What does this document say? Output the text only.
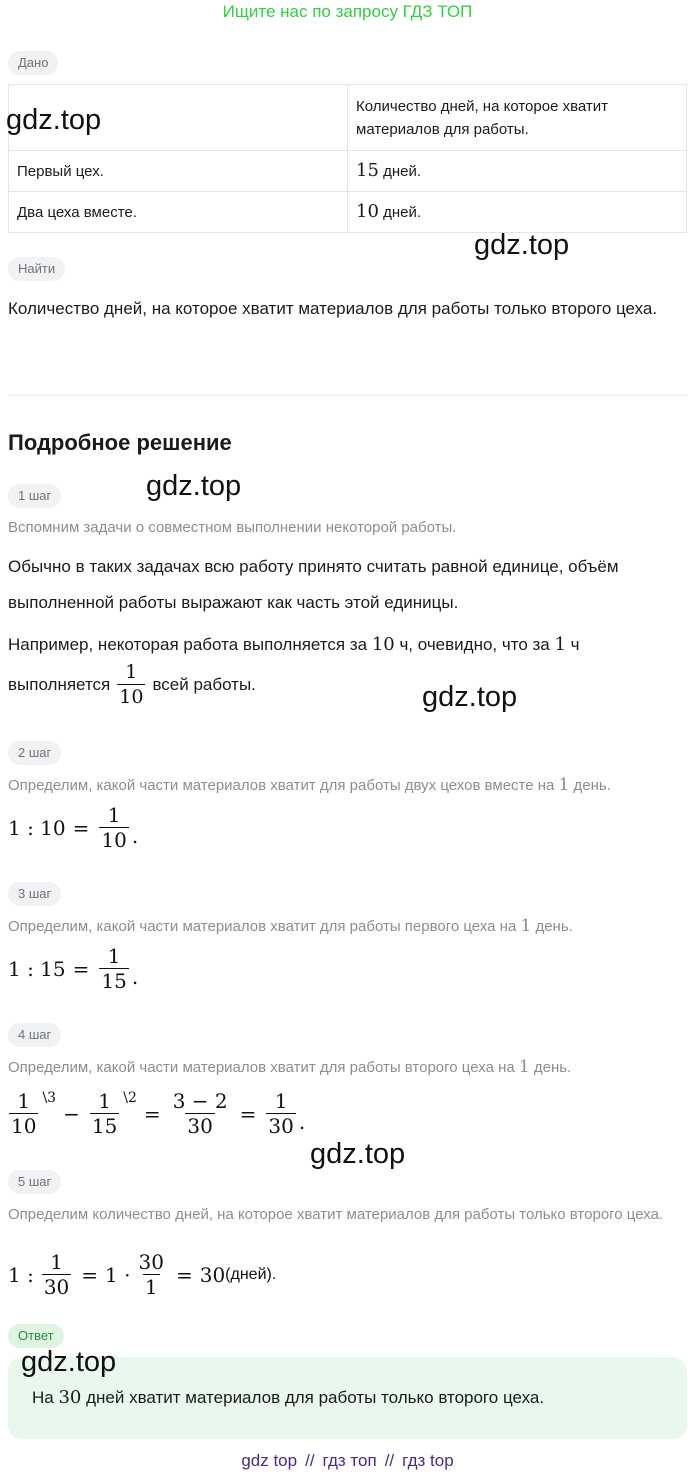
Ищите нас по запросу ГДЗ ТОП
Дано
	Количество дней, на которое хватит материалов для работы.
Первый цех.	15 дней.
Два цеха вместе.	10 дней.
Найти
Количество дней, на которое хватит материалов для работы только второго цеха.
Подробное решение
1 шаг
Вспомним задачи о совместном выполнении некоторой работы.
Обычно в таких задачах всю работу принято считать равной единице, объём выполненной работы выражают как часть этой единицы.
Например, некоторая работа выполняется за 10 ч, очевидно, что за 1 ч
выполняется $\frac{1}{10}$ всей работы.
2 шаг
Определим, какой части материалов хватит для работы двух цехов вместе на 1 день.
1 : $10 = \frac{1}{10}$ .
3 шаг
Определим, какой части материалов хватит для работы первого цеха на 1 день.
1 : $15 = \frac{1}{15}$ .
4 шаг
Определим, какой части материалов хватит для работы второго цеха на 1 день.
$\frac{1}{10}$ \3
− $\frac{1}{15}$ \2
= $\frac{3 - 2}{30} = \frac{1}{30}$ .
5 шаг
Определим количество дней, на которое хватит материалов для работы только второго цеха.
1 : $\frac{1}{30} = 1 \cdot \frac{30}{1} = 30$ (дней).
Ответ
На 30 дней хватит материалов для работы только второго цеха.
gdz.top
gdz.top
gdz.top
gdz.top
gdz.top
gdz.top
gdz top // гдз топ // гдз top
